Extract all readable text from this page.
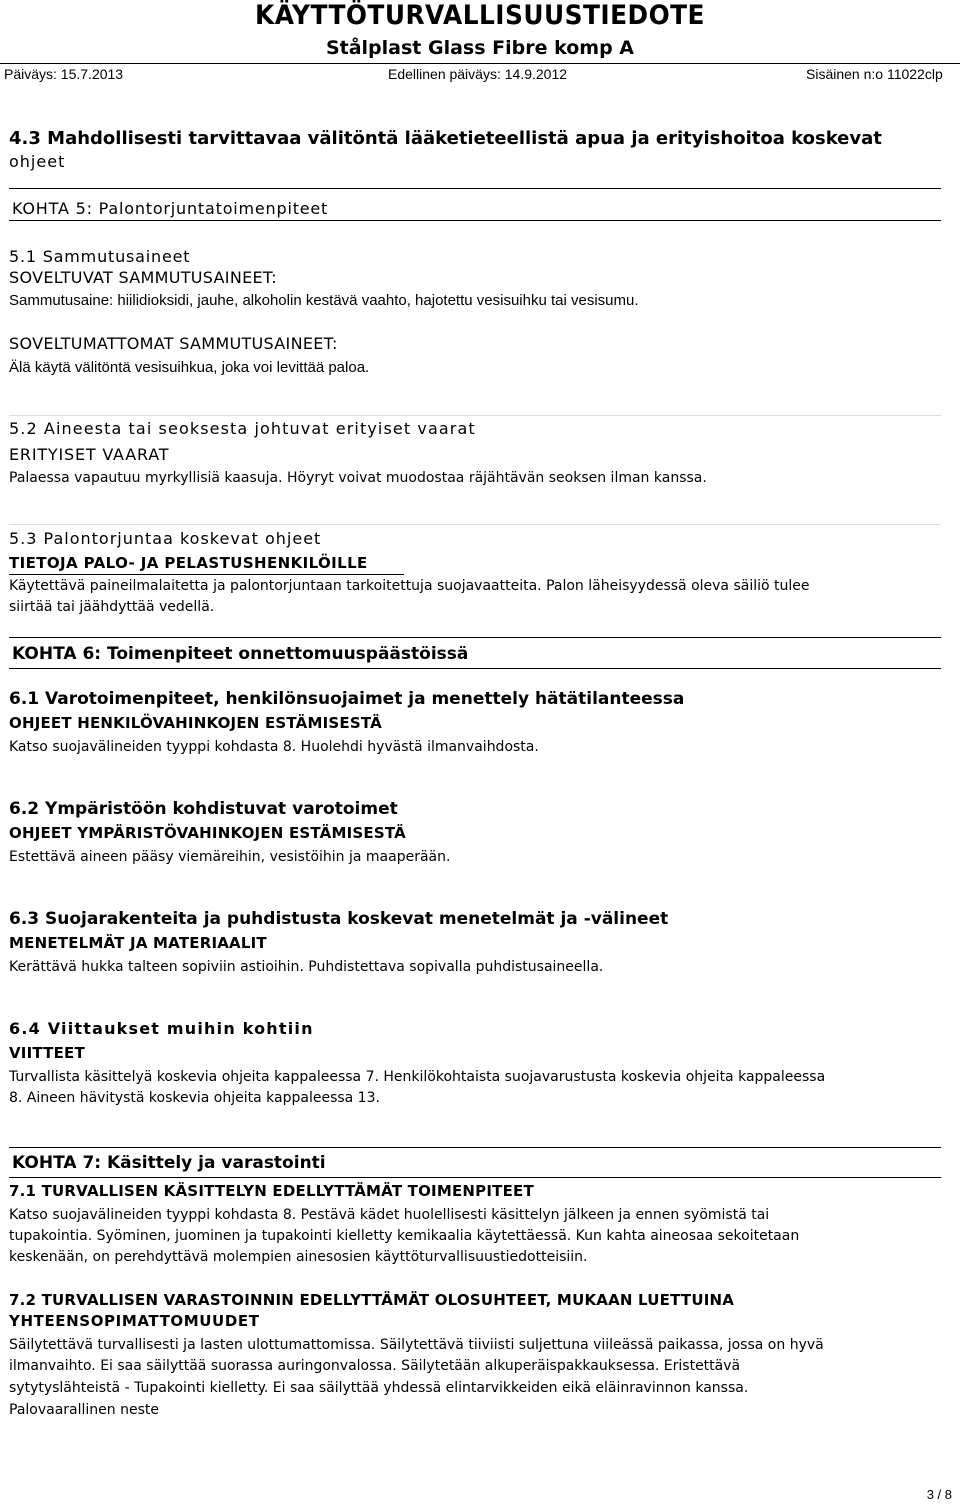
KÄYTTÖTURVALLISUUSTIEDOTE
Stålplast Glass Fibre komp A
Päiväys: 15.7.2013	Edellinen päiväys: 14.9.2012	Sisäinen n:o 11022clp
4.3 Mahdollisesti tarvittavaa välitöntä lääketieteellistä apua ja erityishoitoa koskevat
ohjeet
KOHTA 5: Palontorjuntatoimenpiteet
5.1 Sammutusaineet
SOVELTUVAT SAMMUTUSAINEET:
Sammutusaine: hiilidioksidi, jauhe, alkoholin kestävä vaahto, hajotettu vesisuihku tai vesisumu.
SOVELTUMATTOMAT SAMMUTUSAINEET:
Älä käytä välitöntä vesisuihkua, joka voi levittää paloa.
5.2 Aineesta tai seoksesta johtuvat erityiset vaarat
ERITYISET VAARAT
Palaessa vapautuu myrkyllisiä kaasuja. Höyryt voivat muodostaa räjähtävän seoksen ilman kanssa.
5.3 Palontorjuntaa koskevat ohjeet
TIETOJA PALO- JA PELASTUSHENKILÖILLE
Käytettävä paineilmalaitetta ja palontorjuntaan tarkoitettuja suojavaatteita. Palon läheisyydessä oleva säiliö tulee
siirtää tai jäähdyttää vedellä.
KOHTA 6: Toimenpiteet onnettomuuspäästöissä
6.1 Varotoimenpiteet, henkilönsuojaimet ja menettely hätätilanteessa
OHJEET HENKILÖVAHINKOJEN ESTÄMISESTÄ
Katso suojavälineiden tyyppi kohdasta 8. Huolehdi hyvästä ilmanvaihdosta.
6.2 Ympäristöön kohdistuvat varotoimet
OHJEET YMPÄRISTÖVAHINKOJEN ESTÄMISESTÄ
Estettävä aineen pääsy viemäreihin, vesistöihin ja maaperään.
6.3 Suojarakenteita ja puhdistusta koskevat menetelmät ja -välineet
MENETELMÄT JA MATERIAALIT
Kerättävä hukka talteen sopiviin astioihin. Puhdistettava sopivalla puhdistusaineella.
6.4 Viittaukset muihin kohtiin
VIITTEET
Turvallista käsittelyä koskevia ohjeita kappaleessa 7. Henkilökohtaista suojavarustusta koskevia ohjeita kappaleessa
8. Aineen hävitystä koskevia ohjeita kappaleessa 13.
KOHTA 7: Käsittely ja varastointi
7.1 TURVALLISEN KÄSITTELYN EDELLYTTÄMÄT TOIMENPITEET
Katso suojavälineiden tyyppi kohdasta 8. Pestävä kädet huolellisesti käsittelyn jälkeen ja ennen syömistä tai
tupakointia. Syöminen, juominen ja tupakointi kielletty kemikaalia käytettäessä. Kun kahta aineosaa sekoitetaan
keskenään, on perehdyttävä molempien ainesosien käyttöturvallisuustiedotteisiin.
7.2 TURVALLISEN VARASTOINNIN EDELLYTTÄMÄT OLOSUHTEET, MUKAAN LUETTUINA
YHTEENSOPIMATTOMUUDET
Säilytettävä turvallisesti ja lasten ulottumattomissa. Säilytettävä tiiviisti suljettuna viileässä paikassa, jossa on hyvä
ilmanvaihto. Ei saa säilyttää suorassa auringonvalossa. Säilytetään alkuperäispakkauksessa. Eristettävä
sytytyslähteistä - Tupakointi kielletty. Ei saa säilyttää yhdessä elintarvikkeiden eikä eläinravinnon kanssa.
Palovaarallinen neste
3 / 8
